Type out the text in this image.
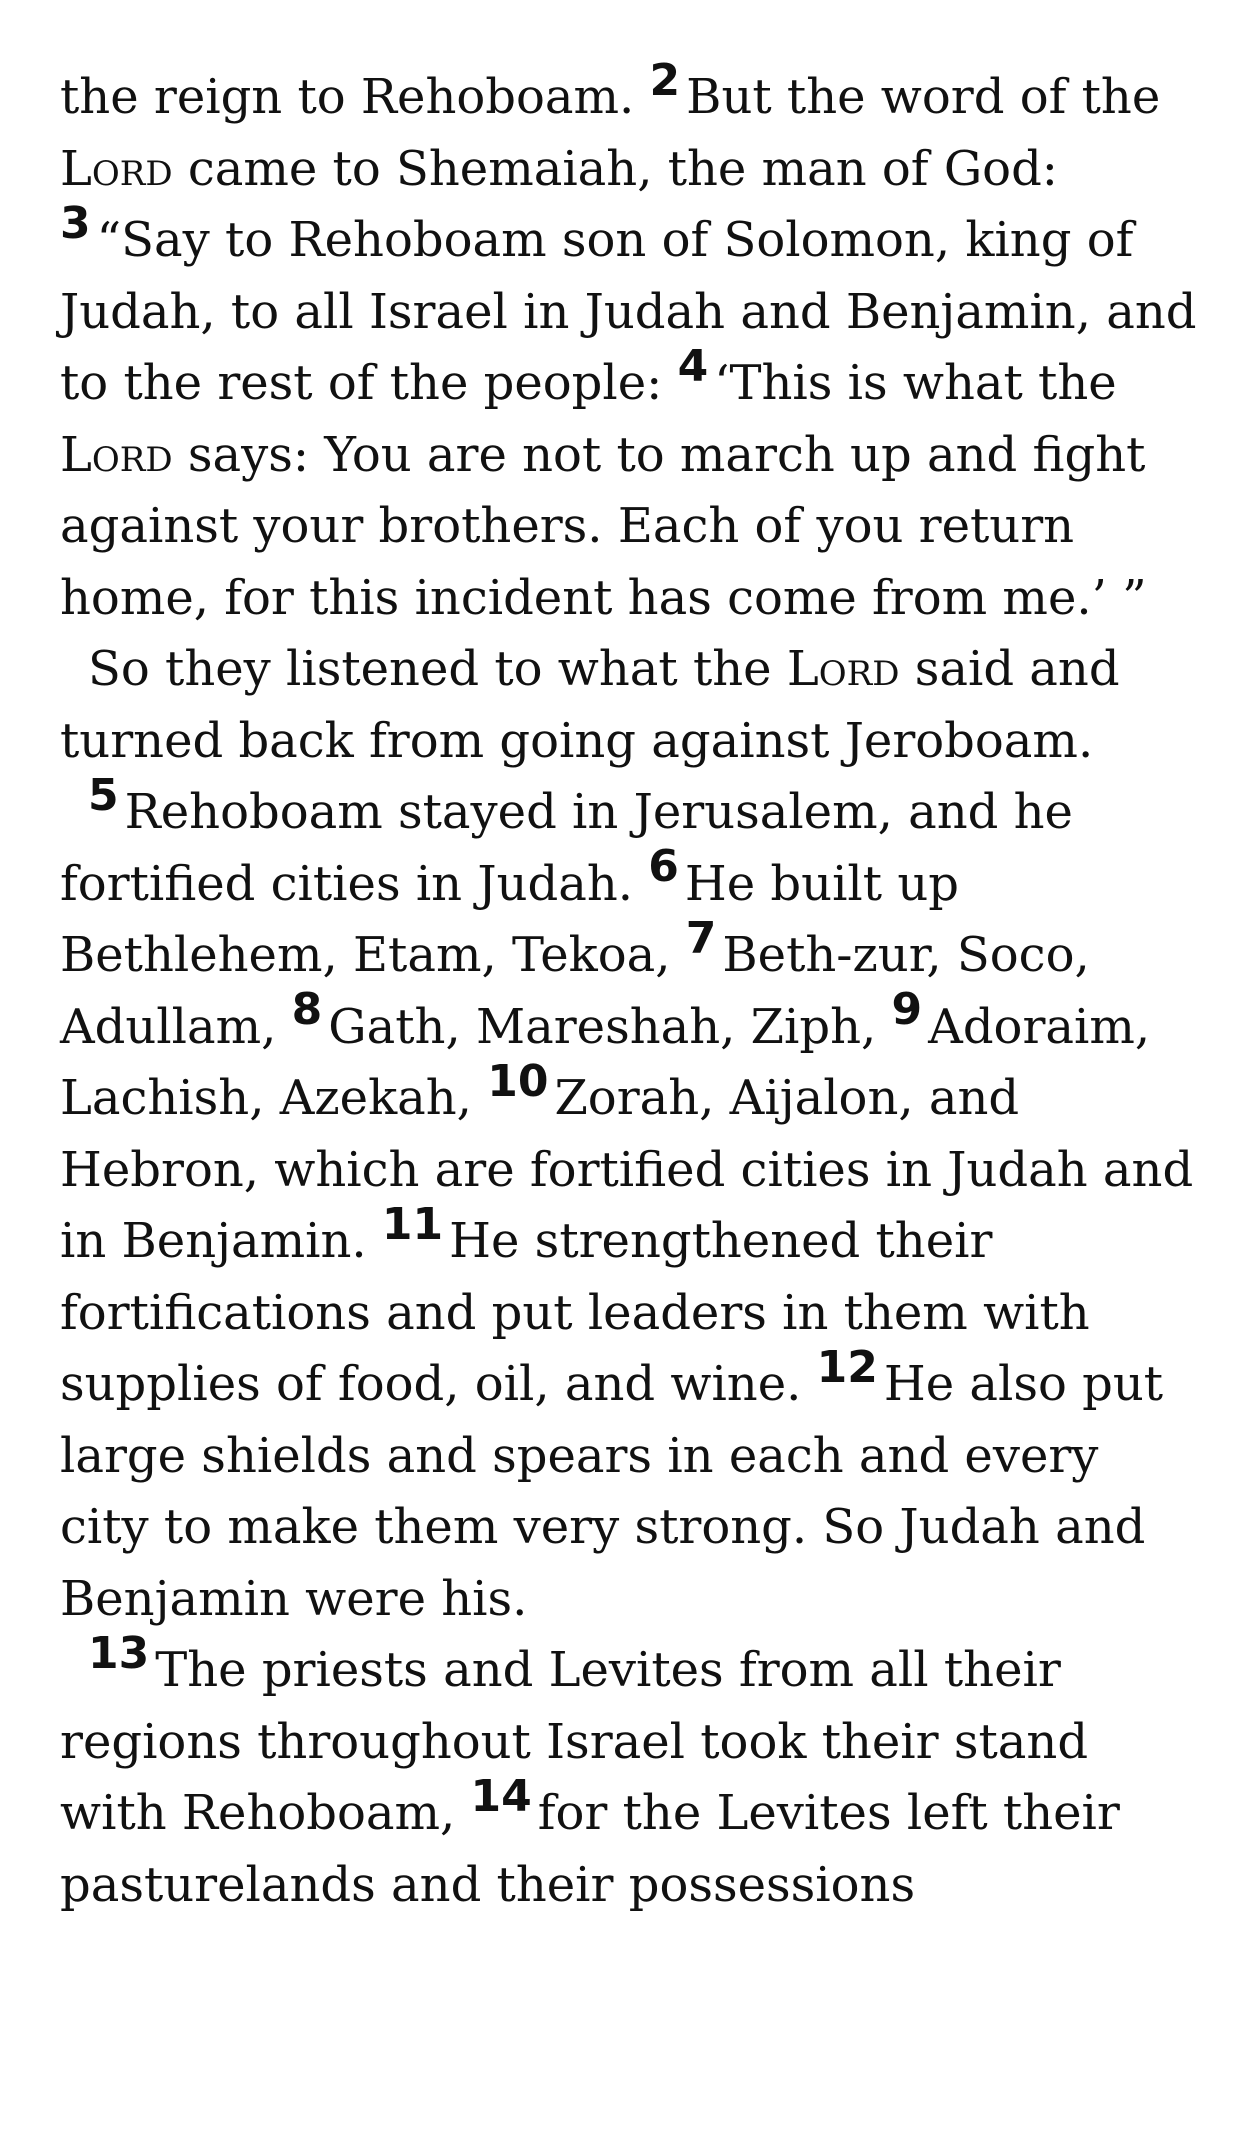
the reign to Rehoboam. 2 But the word of the Lord came to Shemaiah, the man of God: 3 “Say to Rehoboam son of Solomon, king of Judah, to all Israel in Judah and Benjamin, and to the rest of the people: 4 ‘This is what the Lord says: You are not to march up and fight against your brothers. Each of you return home, for this incident has come from me.’ ”

So they listened to what the Lord said and turned back from going against Jeroboam.

5 Rehoboam stayed in Jerusalem, and he fortified cities in Judah. 6 He built up Bethlehem, Etam, Tekoa, 7 Beth-zur, Soco, Adullam, 8 Gath, Mareshah, Ziph, 9 Adoraim, Lachish, Azekah, 10 Zorah, Aijalon, and Hebron, which are fortified cities in Judah and in Benjamin. 11 He strengthened their fortifications and put leaders in them with supplies of food, oil, and wine. 12 He also put large shields and spears in each and every city to make them very strong. So Judah and Benjamin were his.

13 The priests and Levites from all their regions throughout Israel took their stand with Rehoboam, 14 for the Levites left their pasturelands and their possessions
